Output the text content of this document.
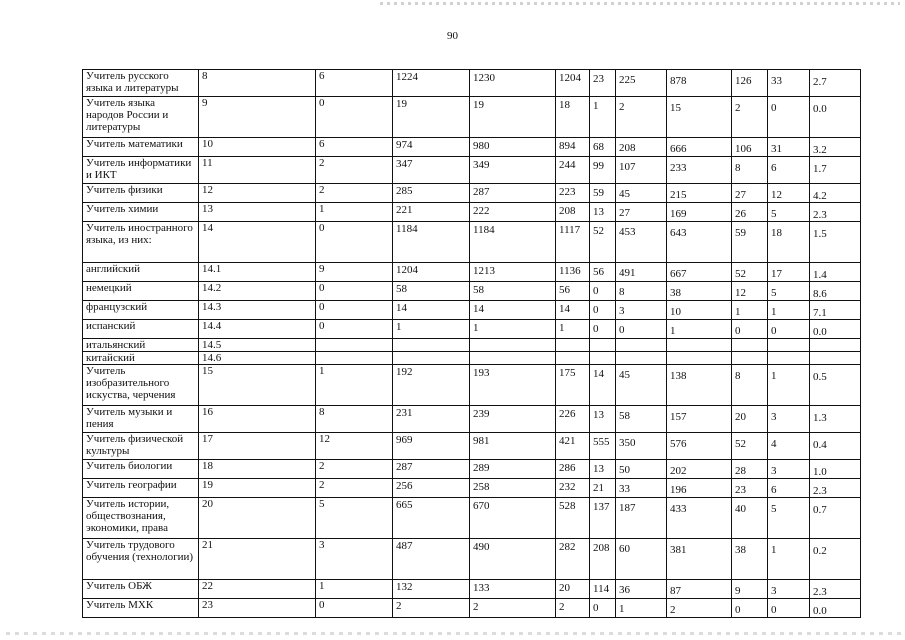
90
Учитель русского языка и литературы	8	6	1224	1230	1204	23	225	878	126	33	2.7
Учитель языка народов России и литературы	9	0	19	19	18	1	2	15	2	0	0.0
Учитель математики	10	6	974	980	894	68	208	666	106	31	3.2
Учитель информатики и ИКТ	11	2	347	349	244	99	107	233	8	6	1.7
Учитель физики	12	2	285	287	223	59	45	215	27	12	4.2
Учитель химии	13	1	221	222	208	13	27	169	26	5	2.3
Учитель иностранного языка, из них:	14	0	1184	1184	1117	52	453	643	59	18	1.5
английский	14.1	9	1204	1213	1136	56	491	667	52	17	1.4
немецкий	14.2	0	58	58	56	0	8	38	12	5	8.6
французский	14.3	0	14	14	14	0	3	10	1	1	7.1
испанский	14.4	0	1	1	1	0	0	1	0	0	0.0
итальянский	14.5										
китайский	14.6										
Учитель изобразительного искуства, черчения	15	1	192	193	175	14	45	138	8	1	0.5
Учитель музыки и пения	16	8	231	239	226	13	58	157	20	3	1.3
Учитель физической культуры	17	12	969	981	421	555	350	576	52	4	0.4
Учитель биологии	18	2	287	289	286	13	50	202	28	3	1.0
Учитель географии	19	2	256	258	232	21	33	196	23	6	2.3
Учитель истории, обществознания, экономики, права	20	5	665	670	528	137	187	433	40	5	0.7
Учитель трудового обучения (технологии)	21	3	487	490	282	208	60	381	38	1	0.2
Учитель ОБЖ	22	1	132	133	20	114	36	87	9	3	2.3
Учитель МХК	23	0	2	2	2	0	1	2	0	0	0.0
